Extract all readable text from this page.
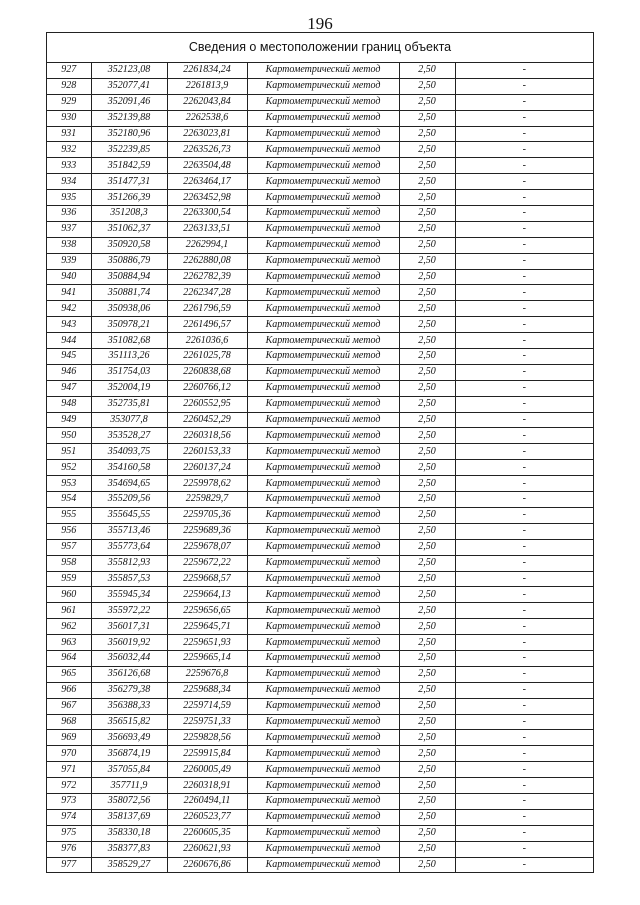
196
Сведения о местоположении границ объекта
927	352123,08	2261834,24	Картометрический метод	2,50	-
928	352077,41	2261813,9	Картометрический метод	2,50	-
929	352091,46	2262043,84	Картометрический метод	2,50	-
930	352139,88	2262538,6	Картометрический метод	2,50	-
931	352180,96	2263023,81	Картометрический метод	2,50	-
932	352239,85	2263526,73	Картометрический метод	2,50	-
933	351842,59	2263504,48	Картометрический метод	2,50	-
934	351477,31	2263464,17	Картометрический метод	2,50	-
935	351266,39	2263452,98	Картометрический метод	2,50	-
936	351208,3	2263300,54	Картометрический метод	2,50	-
937	351062,37	2263133,51	Картометрический метод	2,50	-
938	350920,58	2262994,1	Картометрический метод	2,50	-
939	350886,79	2262880,08	Картометрический метод	2,50	-
940	350884,94	2262782,39	Картометрический метод	2,50	-
941	350881,74	2262347,28	Картометрический метод	2,50	-
942	350938,06	2261796,59	Картометрический метод	2,50	-
943	350978,21	2261496,57	Картометрический метод	2,50	-
944	351082,68	2261036,6	Картометрический метод	2,50	-
945	351113,26	2261025,78	Картометрический метод	2,50	-
946	351754,03	2260838,68	Картометрический метод	2,50	-
947	352004,19	2260766,12	Картометрический метод	2,50	-
948	352735,81	2260552,95	Картометрический метод	2,50	-
949	353077,8	2260452,29	Картометрический метод	2,50	-
950	353528,27	2260318,56	Картометрический метод	2,50	-
951	354093,75	2260153,33	Картометрический метод	2,50	-
952	354160,58	2260137,24	Картометрический метод	2,50	-
953	354694,65	2259978,62	Картометрический метод	2,50	-
954	355209,56	2259829,7	Картометрический метод	2,50	-
955	355645,55	2259705,36	Картометрический метод	2,50	-
956	355713,46	2259689,36	Картометрический метод	2,50	-
957	355773,64	2259678,07	Картометрический метод	2,50	-
958	355812,93	2259672,22	Картометрический метод	2,50	-
959	355857,53	2259668,57	Картометрический метод	2,50	-
960	355945,34	2259664,13	Картометрический метод	2,50	-
961	355972,22	2259656,65	Картометрический метод	2,50	-
962	356017,31	2259645,71	Картометрический метод	2,50	-
963	356019,92	2259651,93	Картометрический метод	2,50	-
964	356032,44	2259665,14	Картометрический метод	2,50	-
965	356126,68	2259676,8	Картометрический метод	2,50	-
966	356279,38	2259688,34	Картометрический метод	2,50	-
967	356388,33	2259714,59	Картометрический метод	2,50	-
968	356515,82	2259751,33	Картометрический метод	2,50	-
969	356693,49	2259828,56	Картометрический метод	2,50	-
970	356874,19	2259915,84	Картометрический метод	2,50	-
971	357055,84	2260005,49	Картометрический метод	2,50	-
972	357711,9	2260318,91	Картометрический метод	2,50	-
973	358072,56	2260494,11	Картометрический метод	2,50	-
974	358137,69	2260523,77	Картометрический метод	2,50	-
975	358330,18	2260605,35	Картометрический метод	2,50	-
976	358377,83	2260621,93	Картометрический метод	2,50	-
977	358529,27	2260676,86	Картометрический метод	2,50	-
